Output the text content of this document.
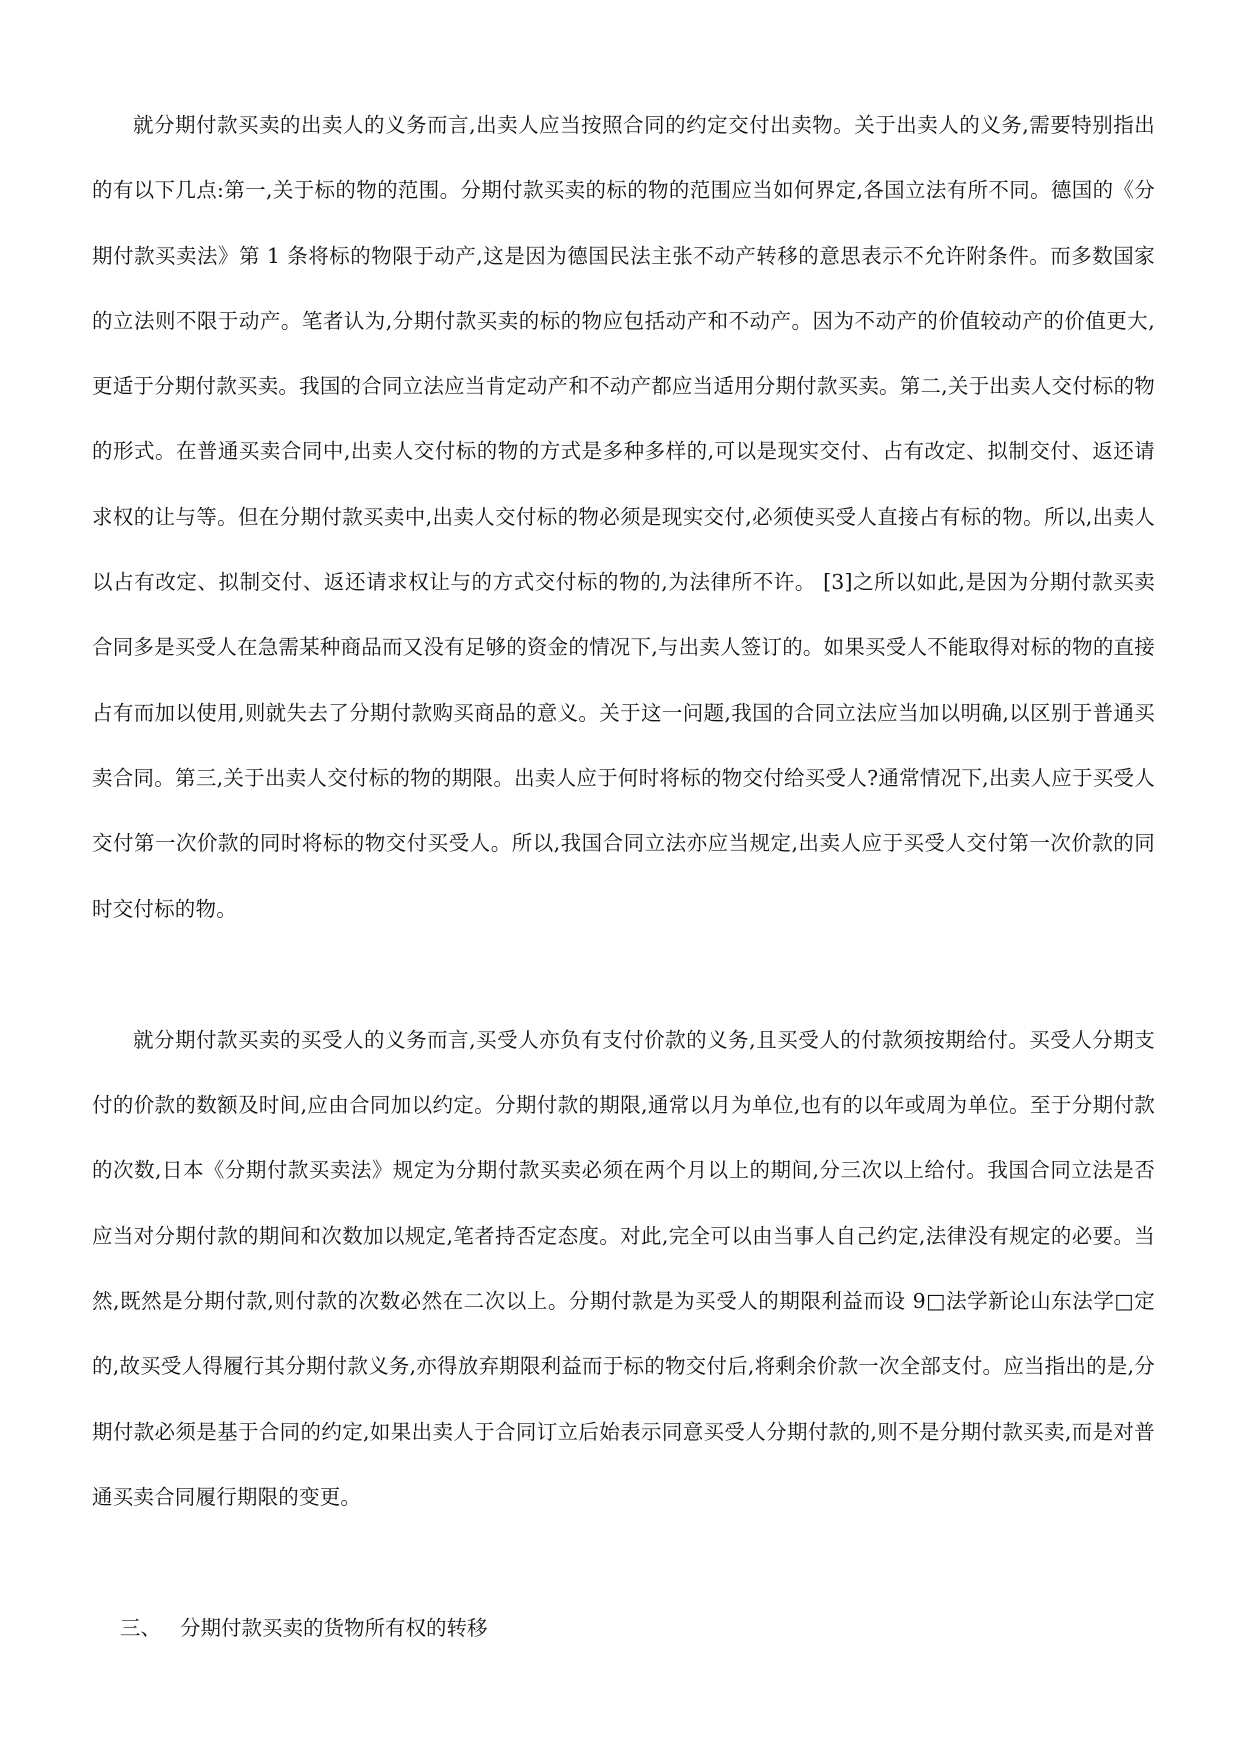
就分期付款买卖的出卖人的义务而言,出卖人应当按照合同的约定交付出卖物。关于出卖人的义务,需要特别指出的有以下几点:第一,关于标的物的范围。分期付款买卖的标的物的范围应当如何界定,各国立法有所不同。德国的《分期付款买卖法》第 1 条将标的物限于动产,这是因为德国民法主张不动产转移的意思表示不允许附条件。而多数国家的立法则不限于动产。笔者认为,分期付款买卖的标的物应包括动产和不动产。因为不动产的价值较动产的价值更大,更适于分期付款买卖。我国的合同立法应当肯定动产和不动产都应当适用分期付款买卖。第二,关于出卖人交付标的物的形式。在普通买卖合同中,出卖人交付标的物的方式是多种多样的,可以是现实交付、占有改定、拟制交付、返还请求权的让与等。但在分期付款买卖中,出卖人交付标的物必须是现实交付,必须使买受人直接占有标的物。所以,出卖人以占有改定、拟制交付、返还请求权让与的方式交付标的物的,为法律所不许。 [3]之所以如此,是因为分期付款买卖合同多是买受人在急需某种商品而又没有足够的资金的情况下,与出卖人签订的。如果买受人不能取得对标的物的直接占有而加以使用,则就失去了分期付款购买商品的意义。关于这一问题,我国的合同立法应当加以明确,以区别于普通买卖合同。第三,关于出卖人交付标的物的期限。出卖人应于何时将标的物交付给买受人?通常情况下,出卖人应于买受人交付第一次价款的同时将标的物交付买受人。所以,我国合同立法亦应当规定,出卖人应于买受人交付第一次价款的同时交付标的物。

就分期付款买卖的买受人的义务而言,买受人亦负有支付价款的义务,且买受人的付款须按期给付。买受人分期支付的价款的数额及时间,应由合同加以约定。分期付款的期限,通常以月为单位,也有的以年或周为单位。至于分期付款的次数,日本《分期付款买卖法》规定为分期付款买卖必须在两个月以上的期间,分三次以上给付。我国合同立法是否应当对分期付款的期间和次数加以规定,笔者持否定态度。对此,完全可以由当事人自己约定,法律没有规定的必要。当然,既然是分期付款,则付款的次数必然在二次以上。分期付款是为买受人的期限利益而设 9□法学新论山东法学□定的,故买受人得履行其分期付款义务,亦得放弃期限利益而于标的物交付后,将剩余价款一次全部支付。应当指出的是,分期付款必须是基于合同的约定,如果出卖人于合同订立后始表示同意买受人分期付款的,则不是分期付款买卖,而是对普通买卖合同履行期限的变更。

三、 分期付款买卖的货物所有权的转移
